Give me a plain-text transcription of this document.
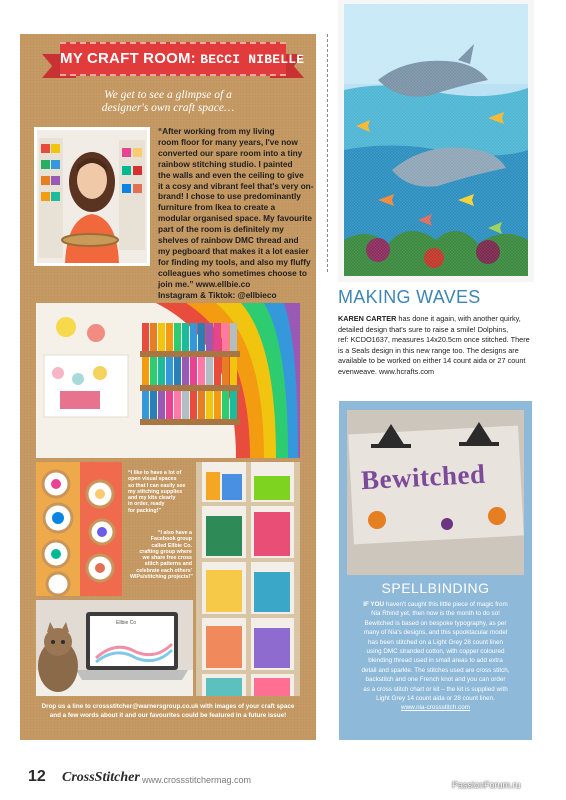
MY CRAFT ROOM: BECCI NIBELLE
We get to see a glimpse of a
designer's own craft space…
“After working from my living
room floor for many years, I've now
converted our spare room into a tiny
rainbow stitching studio. I painted
the walls and even the ceiling to give
it a cosy and vibrant feel that's very on-
brand! I chose to use predominantly
furniture from Ikea to create a
modular organised space. My favourite
part of the room is definitely my
shelves of rainbow DMC thread and
my pegboard that makes it a lot easier
for finding my tools, and also my fluffy
colleagues who sometimes choose to
join me.” www.ellbie.co
Instagram & Tiktok: @ellbieco
“I like to have a lot of
open visual spaces
so that I can easily see
my stitching supplies
and my kits clearly
in order, ready
for packing!”
“I also have a
Facebook group
called Ellbie Co.
crafting group where
we share free cross
stitch patterns and
celebrate each others'
WIPs/stitching projects!”
Ellbie Co
Drop us a line to crossstitcher@warnersgroup.co.uk with images of your craft space
and a few words about it and our favourites could be featured in a future issue!
MAKING WAVES
KAREN CARTER has done it again, with another quirky,
detailed design that's sure to raise a smile! Dolphins,
ref: KCDO1637, measures 14x20.5cm once stitched. There
is a Seals design in this new range too. The designs are
available to be worked on either 14 count aida or 27 count
evenweave. www.hcrafts.com
Bewitched
SPELLBINDING
IF YOU haven't caught this little piece of magic from
Nia Rhind yet, then now is the month to do so!
Bewitched is based on bespoke typography, as per
many of Nia's designs, and this spooktacular model
has been stitched on a Light Grey 28 count linen
using DMC stranded cotton, with copper coloured
blending thread used in small areas to add extra
detail and sparkle. The stitches used are cross stitch,
backstitch and one French knot and you can order
as a cross stitch chart or kit – the kit is supplied with
Light Grey 14 count aida or 28 count linen.
www.nia-crossstitch.com
12 CrossStitcher www.crossstitchermag.com	PassionForum.ru
